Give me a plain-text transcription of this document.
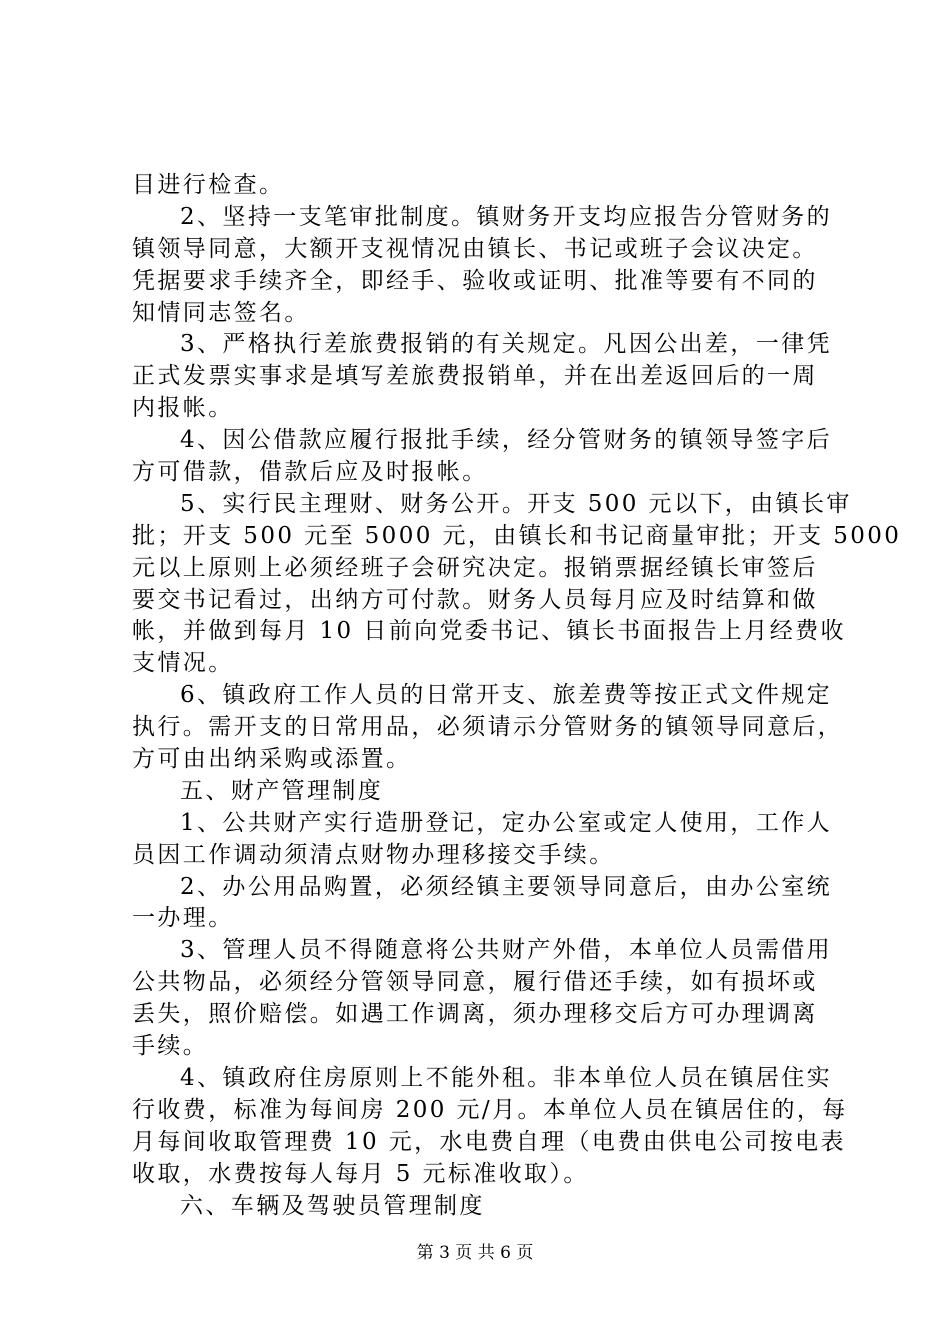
目进行检查。
2、坚持一支笔审批制度。镇财务开支均应报告分管财务的
镇领导同意，大额开支视情况由镇长、书记或班子会议决定。
凭据要求手续齐全，即经手、验收或证明、批准等要有不同的
知情同志签名。
3、严格执行差旅费报销的有关规定。凡因公出差，一律凭
正式发票实事求是填写差旅费报销单，并在出差返回后的一周
内报帐。
4、因公借款应履行报批手续，经分管财务的镇领导签字后
方可借款，借款后应及时报帐。
5、实行民主理财、财务公开。开支 500 元以下，由镇长审
批；开支 500 元至 5000 元，由镇长和书记商量审批；开支 5000
元以上原则上必须经班子会研究决定。报销票据经镇长审签后
要交书记看过，出纳方可付款。财务人员每月应及时结算和做
帐，并做到每月 10 日前向党委书记、镇长书面报告上月经费收
支情况。
6、镇政府工作人员的日常开支、旅差费等按正式文件规定
执行。需开支的日常用品，必须请示分管财务的镇领导同意后，
方可由出纳采购或添置。
五、财产管理制度
1、公共财产实行造册登记，定办公室或定人使用，工作人
员因工作调动须清点财物办理移接交手续。
2、办公用品购置，必须经镇主要领导同意后，由办公室统
一办理。
3、管理人员不得随意将公共财产外借，本单位人员需借用
公共物品，必须经分管领导同意，履行借还手续，如有损坏或
丢失，照价赔偿。如遇工作调离，须办理移交后方可办理调离
手续。
4、镇政府住房原则上不能外租。非本单位人员在镇居住实
行收费，标准为每间房 200 元/月。本单位人员在镇居住的，每
月每间收取管理费 10 元，水电费自理（电费由供电公司按电表
收取，水费按每人每月 5 元标准收取）。
六、车辆及驾驶员管理制度
第 3 页 共 6 页
